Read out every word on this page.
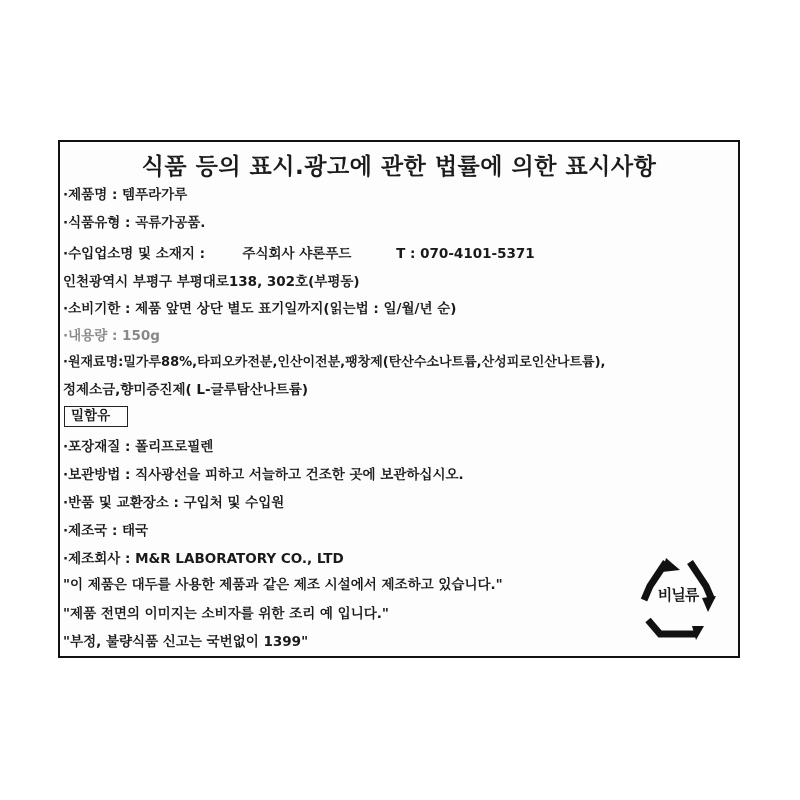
식품 등의 표시.광고에 관한 법률에 의한 표시사항
·제품명 : 템푸라가루
·식품유형 : 곡류가공품.
·수입업소명 및 소재지 :	주식회사 샤론푸드	T : 070-4101-5371
인천광역시 부평구 부평대로138, 302호(부평동)
·소비기한 : 제품 앞면 상단 별도 표기일까지(읽는법 : 일/월/년 순)
·내용량 : 150g
·원재료명:밀가루88%,타피오카전분,인산이전분,팽창제(탄산수소나트륨,산성피로인산나트륨),
정제소금,향미증진제( L-글루탐산나트륨)
밀함유
·포장재질 : 폴리프로필렌
·보관방법 : 직사광선을 피하고 서늘하고 건조한 곳에 보관하십시오.
·반품 및 교환장소 : 구입처 및 수입원
·제조국 : 태국
·제조회사 : M&R LABORATORY CO., LTD
"이 제품은 대두를 사용한 제품과 같은 제조 시설에서 제조하고 있습니다."
"제품 전면의 이미지는 소비자를 위한 조리 예 입니다."
"부정, 불량식품 신고는 국번없이 1399"
비닐류
